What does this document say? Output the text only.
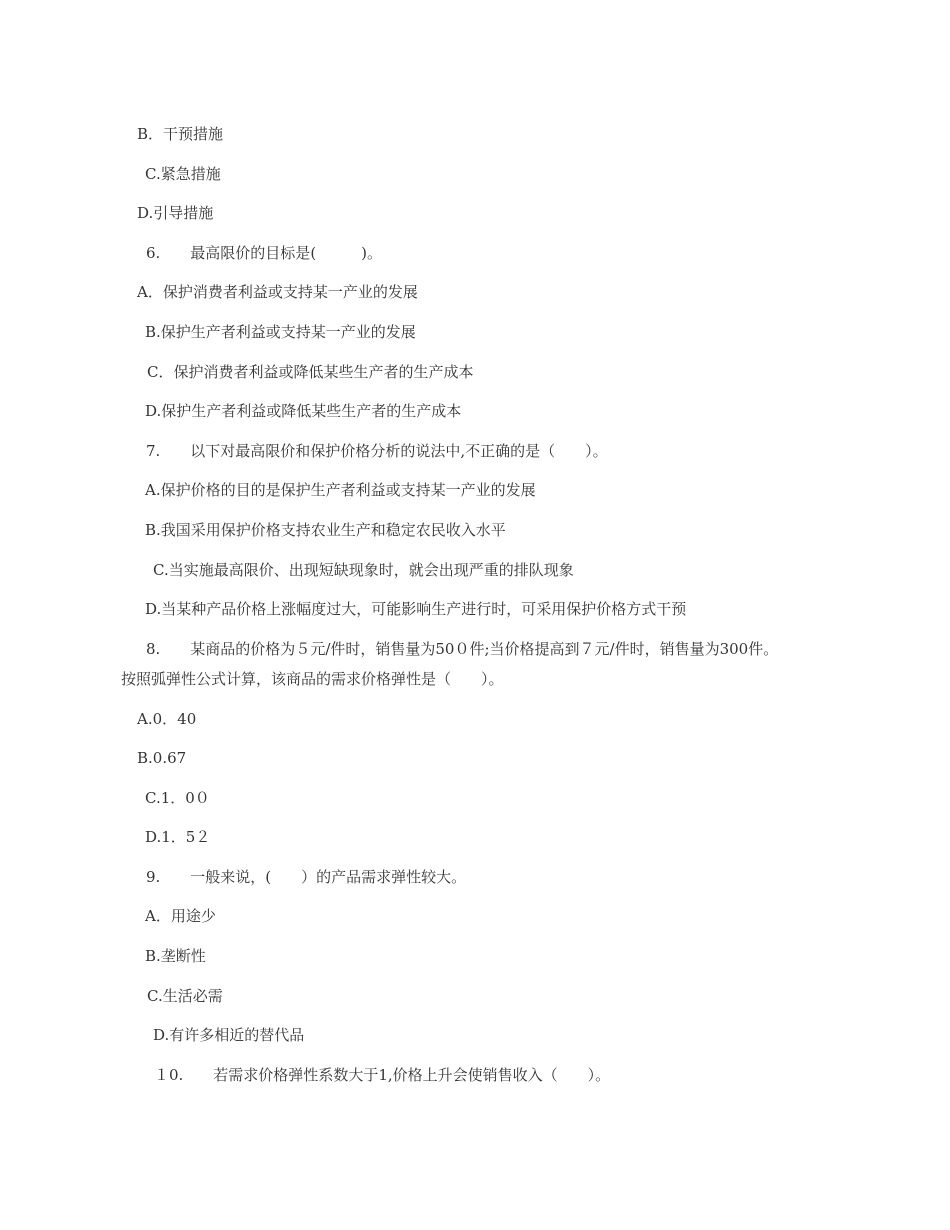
B．干预措施
C.紧急措施
D.引导措施
6.　　最高限价的目标是(　　　)。
A．保护消费者利益或支持某一产业的发展
B.保护生产者利益或支持某一产业的发展
C．保护消费者利益或降低某些生产者的生产成本
D.保护生产者利益或降低某些生产者的生产成本
7.　　以下对最高限价和保护价格分析的说法中,不正确的是（　　）。
A.保护价格的目的是保护生产者利益或支持某一产业的发展
B.我国采用保护价格支持农业生产和稳定农民收入水平
C.当实施最高限价、出现短缺现象时，就会出现严重的排队现象
D.当某种产品价格上涨幅度过大，可能影响生产进行时，可采用保护价格方式干预
8.　　某商品的价格为５元/件时，销售量为50０件;当价格提高到７元/件时，销售量为300件。
按照弧弹性公式计算，该商品的需求价格弹性是（　　）。
A.0．40
B.0.67
C.1．0０
D.1．5２
9.　　一般来说，(　　）的产品需求弹性较大。
A．用途少
B.垄断性
C.生活必需
D.有许多相近的替代品
１0.　　若需求价格弹性系数大于1,价格上升会使销售收入（　　）。
